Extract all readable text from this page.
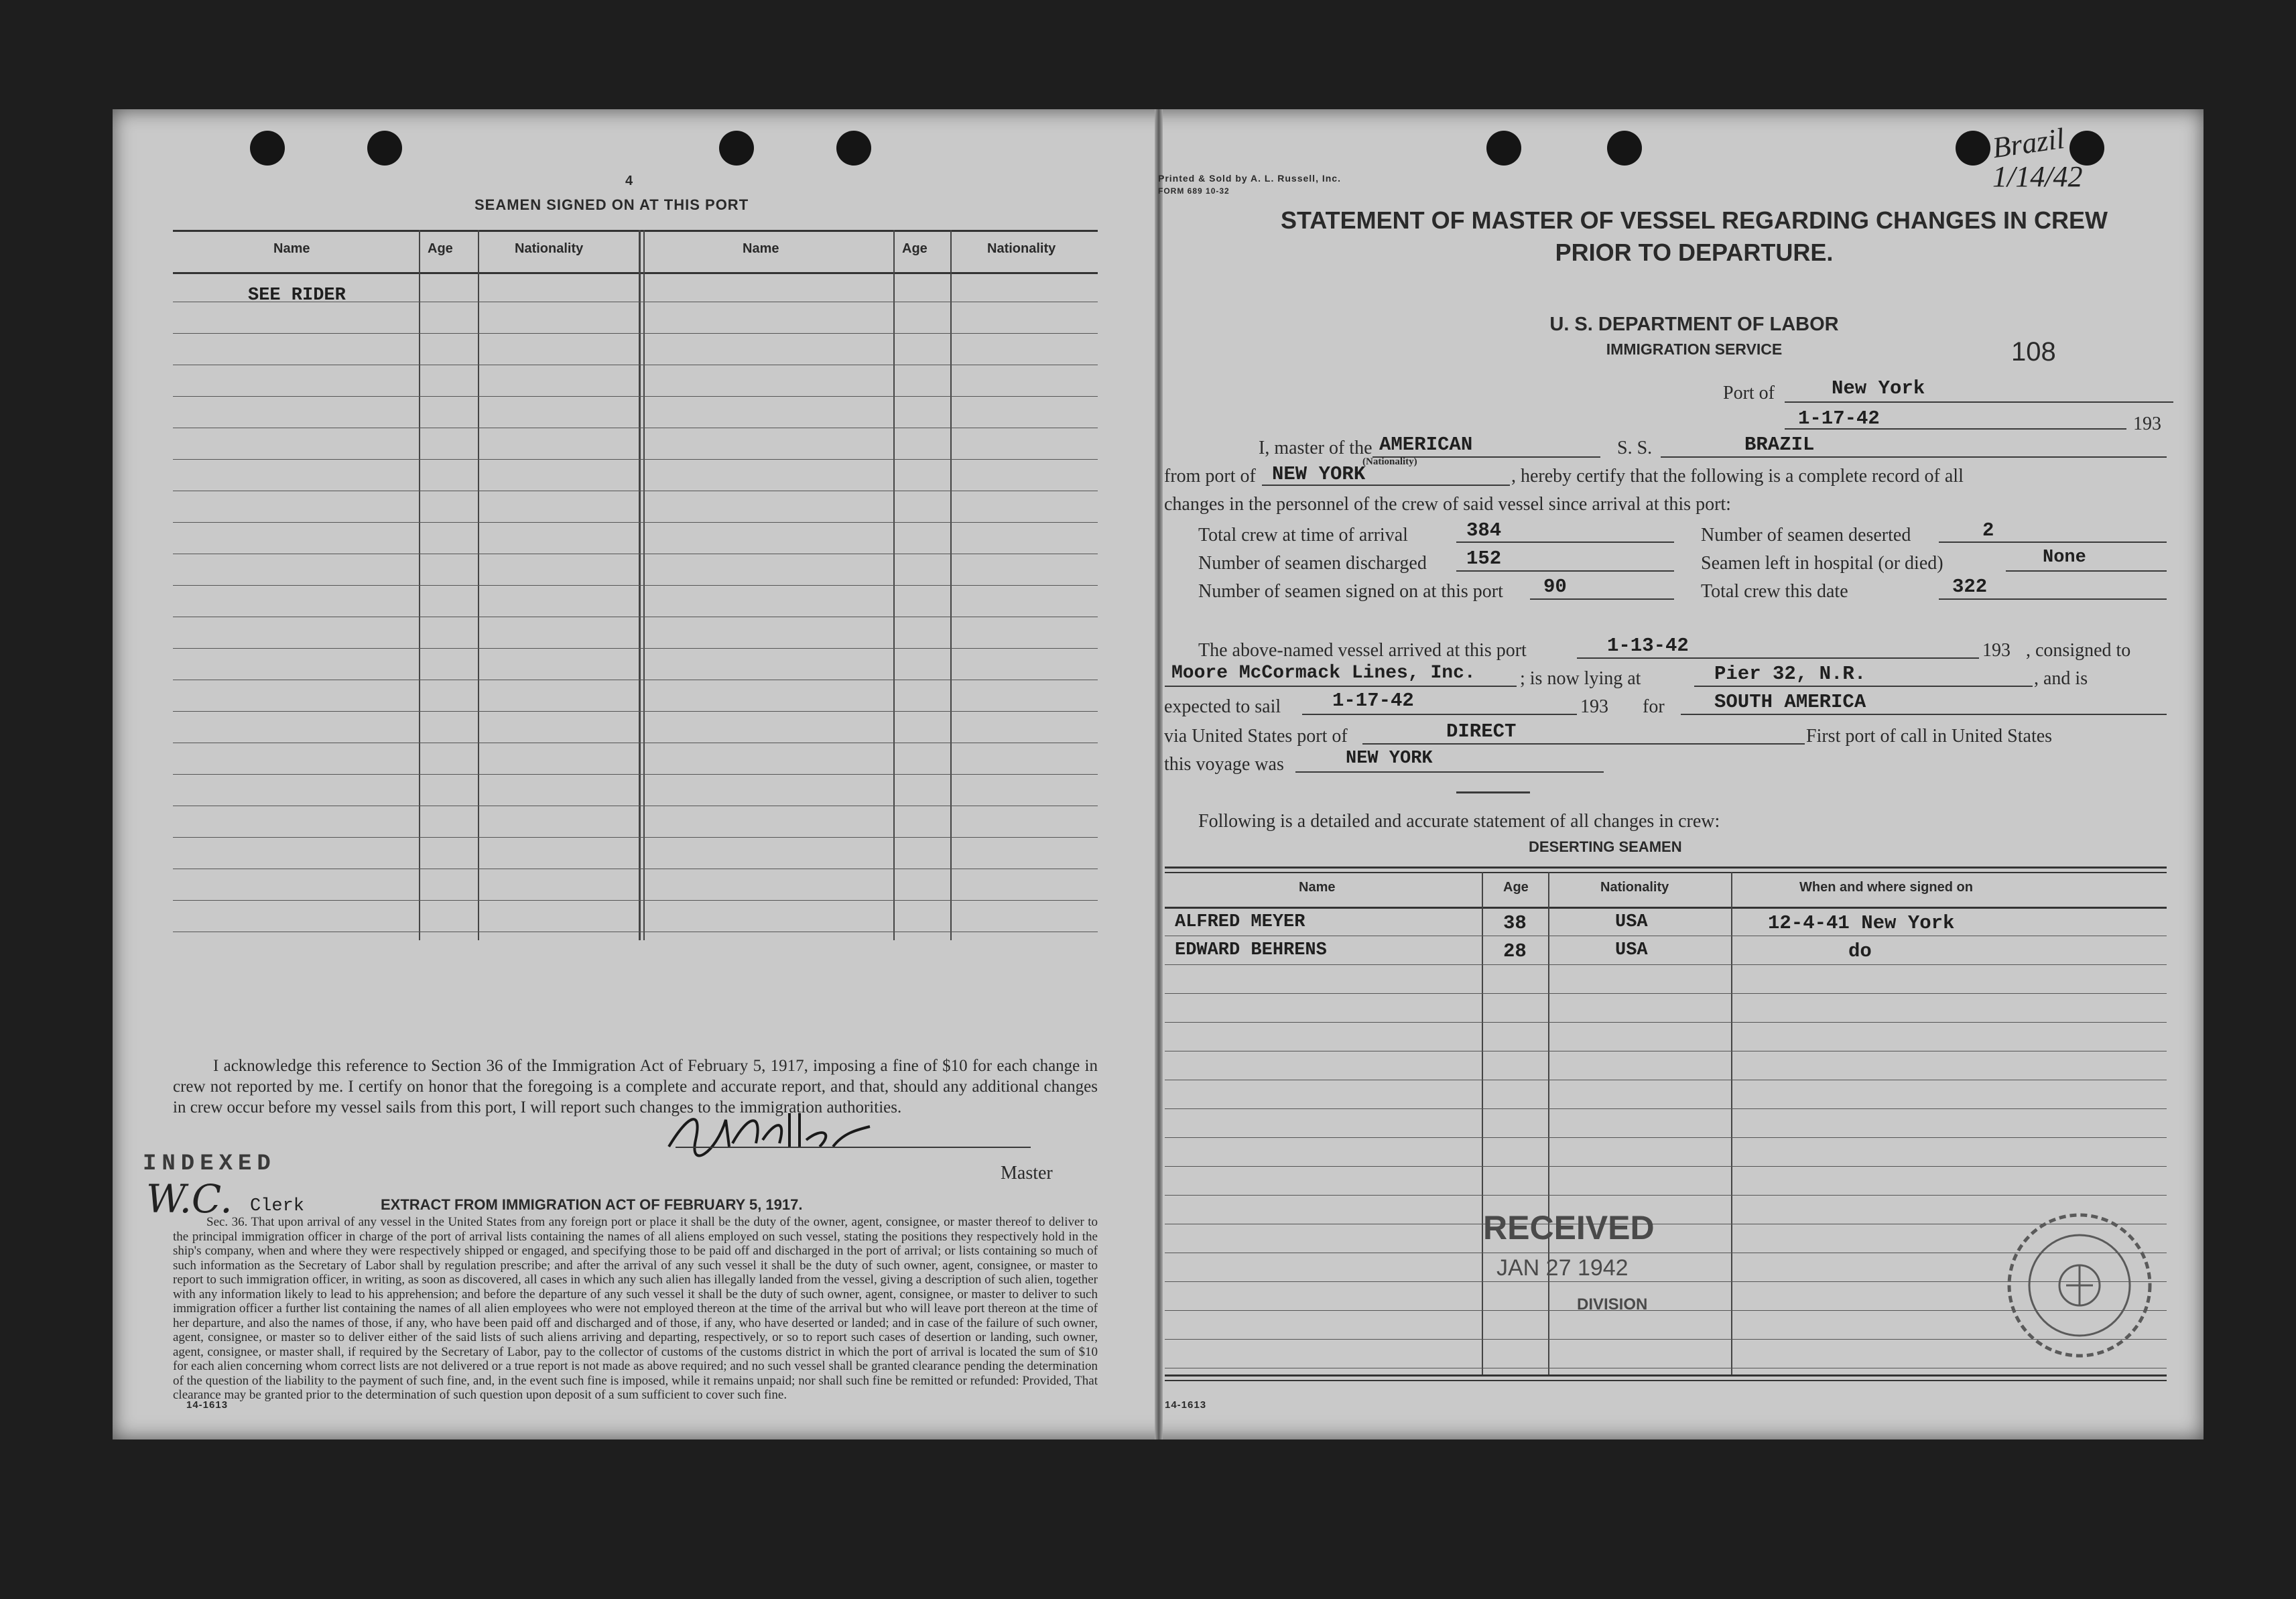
4
SEAMEN SIGNED ON AT THIS PORT
Name	Age	Nationality	Name	Age	Nationality
SEE RIDER
I acknowledge this reference to Section 36 of the Immigration Act of February 5, 1917, imposing a fine of $10 for each change in crew not reported by me. I certify on honor that the foregoing is a complete and accurate report, and that, should any additional changes in crew occur before my vessel sails from this port, I will report such changes to the immigration authorities.
Master
INDEXED
W.C. Clerk	EXTRACT FROM IMMIGRATION ACT OF FEBRUARY 5, 1917.
Sec. 36. That upon arrival of any vessel in the United States from any foreign port or place it shall be the duty of the owner, agent, consignee, or master thereof to deliver to the principal immigration officer in charge of the port of arrival lists containing the names of all aliens employed on such vessel, stating the positions they respectively hold in the ship's company, when and where they were respectively shipped or engaged, and specifying those to be paid off and discharged in the port of arrival; or lists containing so much of such information as the Secretary of Labor shall by regulation prescribe; and after the arrival of any such vessel it shall be the duty of such owner, agent, consignee, or master to report to such immigration officer, in writing, as soon as discovered, all cases in which any such alien has illegally landed from the vessel, giving a description of such alien, together with any information likely to lead to his apprehension; and before the departure of any such vessel it shall be the duty of such owner, agent, consignee, or master to deliver to such immigration officer a further list containing the names of all alien employees who were not employed thereon at the time of the arrival but who will leave port thereon at the time of her departure, and also the names of those, if any, who have been paid off and discharged and of those, if any, who have deserted or landed; and in case of the failure of such owner, agent, consignee, or master so to deliver either of the said lists of such aliens arriving and departing, respectively, or so to report such cases of desertion or landing, such owner, agent, consignee, or master shall, if required by the Secretary of Labor, pay to the collector of customs of the customs district in which the port of arrival is located the sum of $10 for each alien concerning whom correct lists are not delivered or a true report is not made as above required; and no such vessel shall be granted clearance pending the determination of the question of the liability to the payment of such fine, and, in the event such fine is imposed, while it remains unpaid; nor shall such fine be remitted or refunded: Provided, That clearance may be granted prior to the determination of such question upon deposit of a sum sufficient to cover such fine.
14-1613
Printed & Sold by A. L. Russell, Inc.
FORM 689 10-32
Brazil
1/14/42
STATEMENT OF MASTER OF VESSEL REGARDING CHANGES IN CREW
PRIOR TO DEPARTURE.
U. S. DEPARTMENT OF LABOR
IMMIGRATION SERVICE	108
Port of	New York
1-17-42	193
I, master of the AMERICAN	S. S.	BRAZIL
from port of NEW YORK
(Nationality)
, hereby certify that the following is a complete record of all
changes in the personnel of the crew of said vessel since arrival at this port:
Total crew at time of arrival	384	Number of seamen deserted	2
Number of seamen discharged 152	Seamen left in hospital (or died)	None
Number of seamen signed on at this port 90	Total crew this date	322
The above-named vessel arrived at this port	1-13-42	193 , consigned to
Moore McCormack Lines, Inc. ; is now lying at	Pier 32, N.R.	, and is
expected to sail	1-17-42	193 for	SOUTH AMERICA
via United States port of	DIRECT	First port of call in United States
this voyage was	NEW YORK
Following is a detailed and accurate statement of all changes in crew:
DESERTING SEAMEN
Name	Age	Nationality	When and where signed on
ALFRED MEYER	38	USA	12-4-41 New York
EDWARD BEHRENS	28	USA	do
RECEIVED
JAN 27 1942
DIVISION
14-1613
